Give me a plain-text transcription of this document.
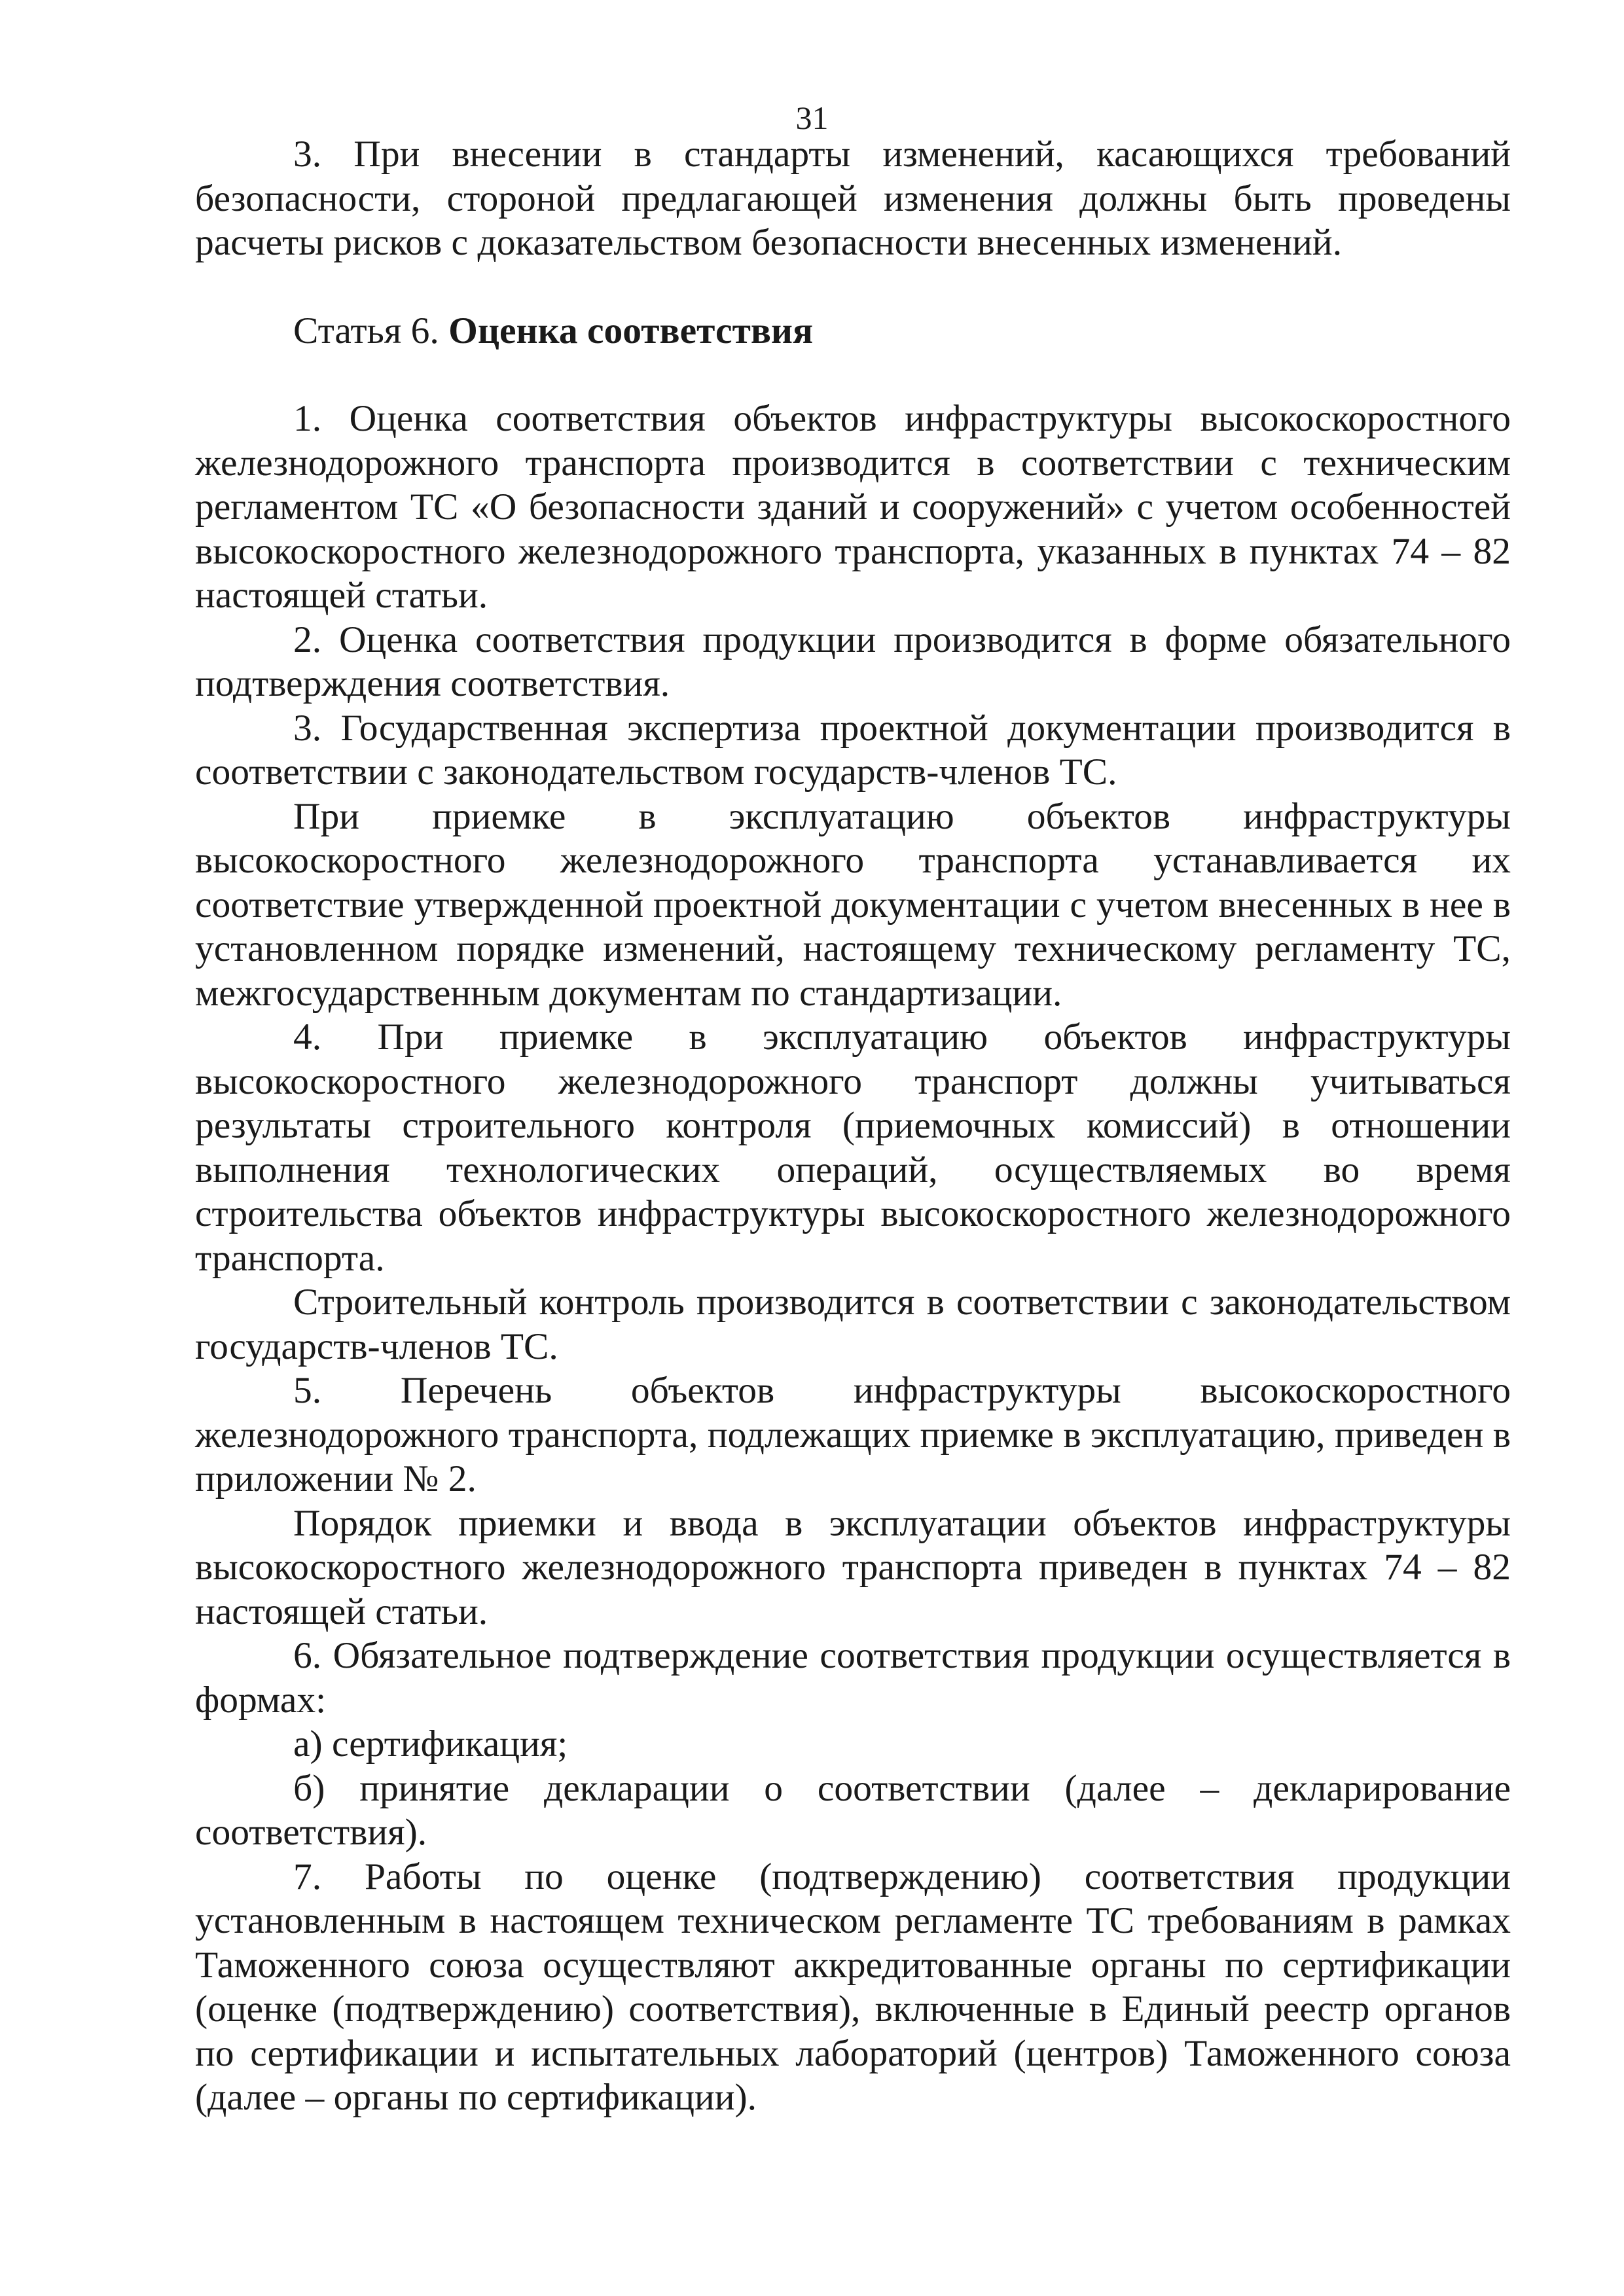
31

3. При внесении в стандарты изменений, касающихся требований безопасности, стороной предлагающей изменения должны быть проведены расчеты рисков с доказательством безопасности внесенных изменений.

Статья 6. Оценка соответствия

1. Оценка соответствия объектов инфраструктуры высокоскоростного железнодорожного транспорта производится в соответствии с техническим регламентом ТС «О безопасности зданий и сооружений» с учетом особенностей высокоскоростного железнодорожного транспорта, указанных в пунктах 74 – 82 настоящей статьи.

2. Оценка соответствия продукции производится в форме обязательного подтверждения соответствия.

3. Государственная экспертиза проектной документации производится в соответствии с законодательством государств-членов ТС.

При приемке в эксплуатацию объектов инфраструктуры высокоскоростного железнодорожного транспорта устанавливается их соответствие утвержденной проектной документации с учетом внесенных в нее в установленном порядке изменений, настоящему техническому регламенту ТС, межгосударственным документам по стандартизации.

4. При приемке в эксплуатацию объектов инфраструктуры высокоскоростного железнодорожного транспорт должны учитываться результаты строительного контроля (приемочных комиссий) в отношении выполнения технологических операций, осуществляемых во время строительства объектов инфраструктуры высокоскоростного железнодорожного транспорта.

Строительный контроль производится в соответствии с законодательством государств-членов ТС.

5. Перечень объектов инфраструктуры высокоскоростного железнодорожного транспорта, подлежащих приемке в эксплуатацию, приведен в приложении № 2.

Порядок приемки и ввода в эксплуатации объектов инфраструктуры высокоскоростного железнодорожного транспорта приведен в пунктах 74 – 82 настоящей статьи.

6. Обязательное подтверждение соответствия продукции осуществляется в формах:

а) сертификация;

б) принятие декларации о соответствии (далее – декларирование соответствия).

7. Работы по оценке (подтверждению) соответствия продукции установленным в настоящем техническом регламенте ТС требованиям в рамках Таможенного союза осуществляют аккредитованные органы по сертификации (оценке (подтверждению) соответствия), включенные в Единый реестр органов по сертификации и испытательных лабораторий (центров) Таможенного союза (далее – органы по сертификации).
